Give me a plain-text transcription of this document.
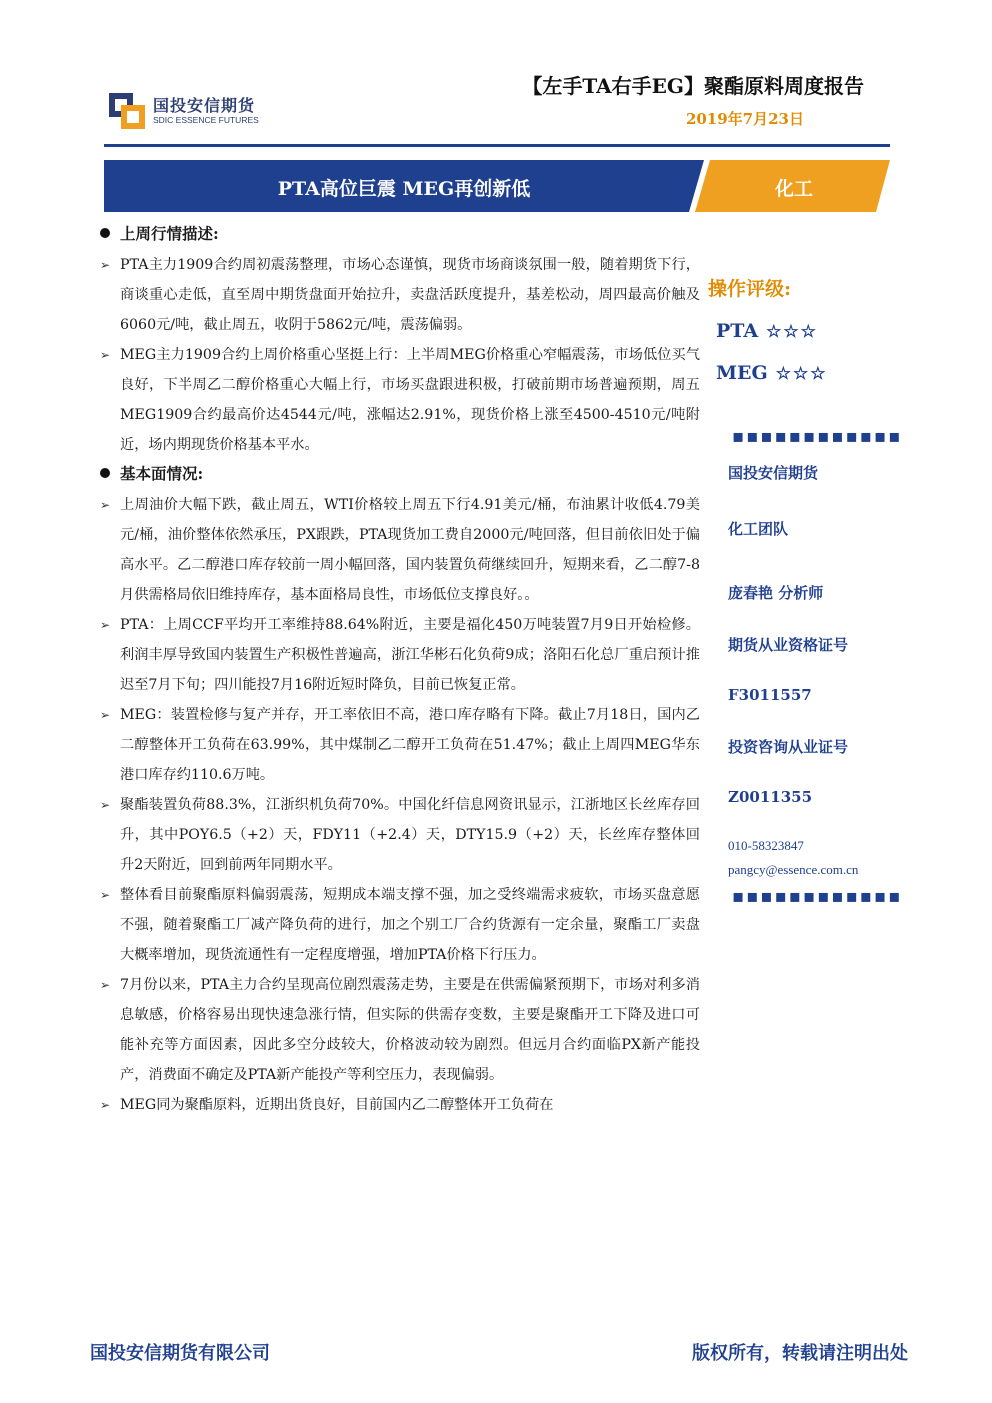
国投安信期货
SDIC ESSENCE FUTURES
【左手TA右手EG】聚酯原料周度报告
2019年7月23日
PTA高位巨震 MEG再创新低	化工
上周行情描述:

➢ PTA主力1909合约周初震荡整理，市场心态谨慎，现货市场商谈氛围一般，随着期货下行，商谈重心走低，直至周中期货盘面开始拉升，卖盘活跃度提升，基差松动，周四最高价触及6060元/吨，截止周五，收阴于5862元/吨，震荡偏弱。

➢ MEG主力1909合约上周价格重心坚挺上行：上半周MEG价格重心窄幅震荡，市场低位买气良好，下半周乙二醇价格重心大幅上行，市场买盘跟进积极，打破前期市场普遍预期，周五MEG1909合约最高价达4544元/吨，涨幅达2.91%，现货价格上涨至4500-4510元/吨附近，场内期现货价格基本平水。

基本面情况:

➢ 上周油价大幅下跌，截止周五，WTI价格较上周五下行4.91美元/桶，布油累计收低4.79美元/桶，油价整体依然承压，PX跟跌，PTA现货加工费自2000元/吨回落，但目前依旧处于偏高水平。乙二醇港口库存较前一周小幅回落，国内装置负荷继续回升，短期来看，乙二醇7-8月供需格局依旧维持库存，基本面格局良性，市场低位支撑良好。。

➢ PTA：上周CCF平均开工率维持88.64%附近，主要是福化450万吨装置7月9日开始检修。利润丰厚导致国内装置生产积极性普遍高，浙江华彬石化负荷9成；洛阳石化总厂重启预计推迟至7月下旬；四川能投7月16附近短时降负，目前已恢复正常。

➢ MEG：装置检修与复产并存，开工率依旧不高，港口库存略有下降。截止7月18日，国内乙二醇整体开工负荷在63.99%，其中煤制乙二醇开工负荷在51.47%；截止上周四MEG华东港口库存约110.6万吨。

➢ 聚酯装置负荷88.3%，江浙织机负荷70%。中国化纤信息网资讯显示，江浙地区长丝库存回升，其中POY6.5（+2）天，FDY11（+2.4）天，DTY15.9（+2）天，长丝库存整体回升2天附近，回到前两年同期水平。

➢ 整体看目前聚酯原料偏弱震荡，短期成本端支撑不强，加之受终端需求疲软，市场买盘意愿不强，随着聚酯工厂减产降负荷的进行，加之个别工厂合约货源有一定余量，聚酯工厂卖盘大概率增加，现货流通性有一定程度增强，增加PTA价格下行压力。

➢ 7月份以来，PTA主力合约呈现高位剧烈震荡走势，主要是在供需偏紧预期下，市场对利多消息敏感，价格容易出现快速急涨行情，但实际的供需存变数，主要是聚酯开工下降及进口可能补充等方面因素，因此多空分歧较大，价格波动较为剧烈。但远月合约面临PX新产能投产，消费面不确定及PTA新产能投产等利空压力，表现偏弱。

➢ MEG同为聚酯原料，近期出货良好，目前国内乙二醇整体开工负荷在

操作评级:
PTA ☆☆☆
MEG ☆☆☆
▪▪▪▪▪▪▪▪▪▪▪▪
国投安信期货
化工团队
庞春艳 分析师
期货从业资格证号
F3011557
投资咨询从业证号
Z0011355
010-58323847
pangcy@essence.com.cn
▪▪▪▪▪▪▪▪▪▪▪▪
国投安信期货有限公司	版权所有，转载请注明出处
